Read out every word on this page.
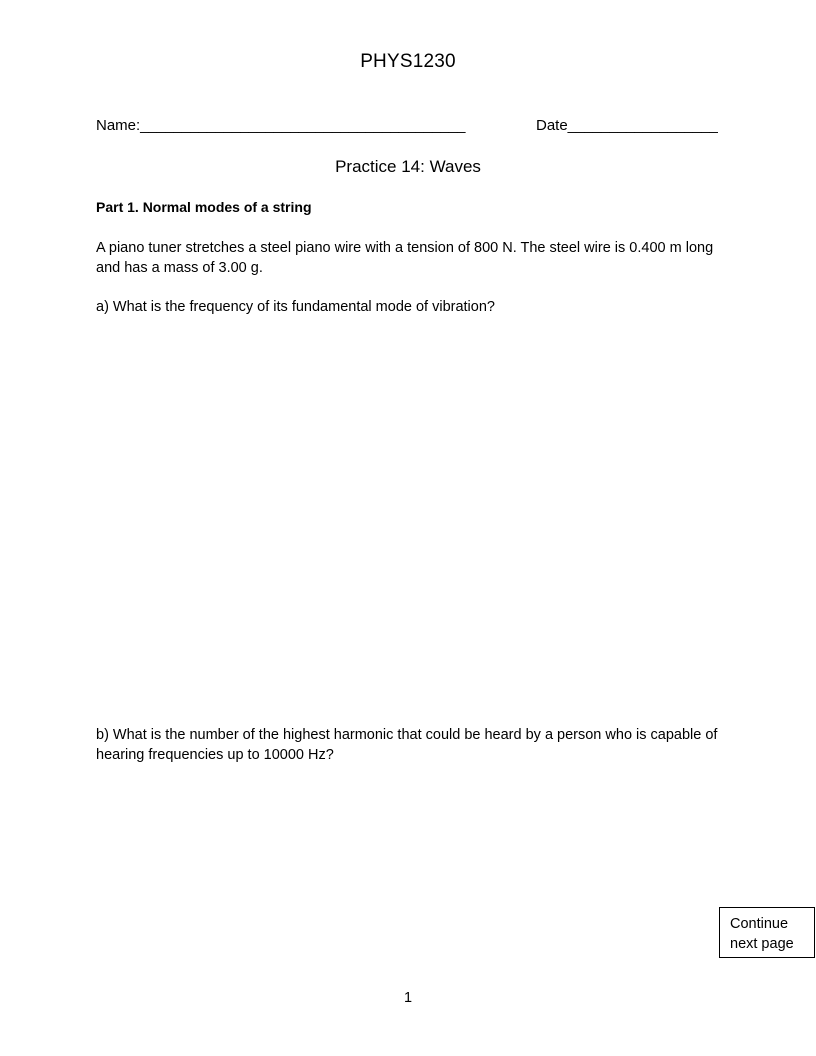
PHYS1230
Name:_______________________________________	Date__________________
Practice 14: Waves
Part 1. Normal modes of a string
A piano tuner stretches a steel piano wire with a tension of 800 N. The steel wire is 0.400 m long and has a mass of 3.00 g.
a) What is the frequency of its fundamental mode of vibration?
b) What is the number of the highest harmonic that could be heard by a person who is capable of hearing frequencies up to 10000 Hz?
Continue
next page
1
